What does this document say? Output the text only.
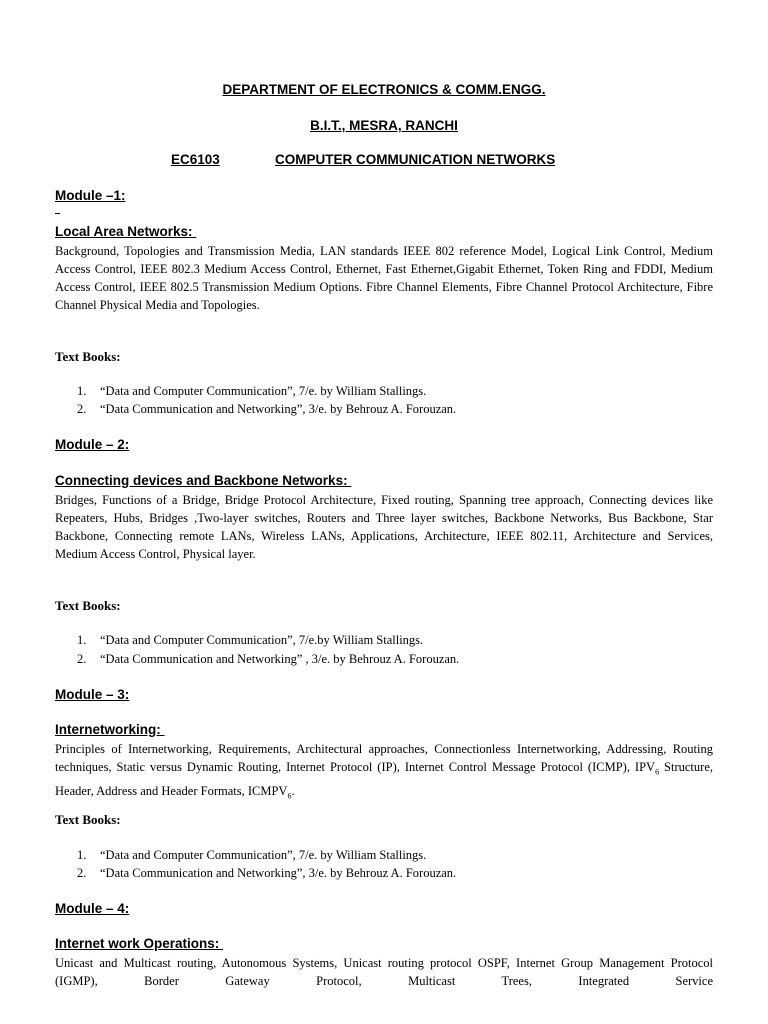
DEPARTMENT OF ELECTRONICS & COMM.ENGG.
B.I.T., MESRA, RANCHI
EC6103	COMPUTER COMMUNICATION NETWORKS
Module –1:
Local Area Networks:
Background, Topologies and Transmission Media, LAN standards IEEE 802 reference Model, Logical Link Control, Medium Access Control, IEEE 802.3 Medium Access Control, Ethernet, Fast Ethernet,Gigabit Ethernet, Token Ring and FDDI, Medium Access Control, IEEE 802.5 Transmission Medium Options. Fibre Channel Elements, Fibre Channel Protocol Architecture, Fibre Channel Physical Media and Topologies.
Text Books:
1. “Data and Computer Communication”, 7/e. by William Stallings.
2. “Data Communication and Networking”, 3/e. by Behrouz A. Forouzan.
Module – 2:
Connecting devices and Backbone Networks:
Bridges, Functions of a Bridge, Bridge Protocol Architecture, Fixed routing, Spanning tree approach, Connecting devices like Repeaters, Hubs, Bridges ,Two-layer switches, Routers and Three layer switches, Backbone Networks, Bus Backbone, Star Backbone, Connecting remote LANs, Wireless LANs, Applications, Architecture, IEEE 802.11, Architecture and Services, Medium Access Control, Physical layer.
Text Books:
1. “Data and Computer Communication”, 7/e.by William Stallings.
2. “Data Communication and Networking” , 3/e. by Behrouz A. Forouzan.
Module – 3:
Internetworking:
Principles of Internetworking, Requirements, Architectural approaches, Connectionless Internetworking, Addressing, Routing techniques, Static versus Dynamic Routing, Internet Protocol (IP), Internet Control Message Protocol (ICMP), $IPV_6$ Structure, Header, Address and Header Formats, $ICMPV_6$.
Text Books:
1. “Data and Computer Communication”, 7/e. by William Stallings.
2. “Data Communication and Networking”, 3/e. by Behrouz A. Forouzan.
Module – 4:
Internet work Operations:
Unicast and Multicast routing, Autonomous Systems, Unicast routing protocol OSPF, Internet Group Management Protocol (IGMP), Border Gateway Protocol, Multicast Trees, Integrated Service
